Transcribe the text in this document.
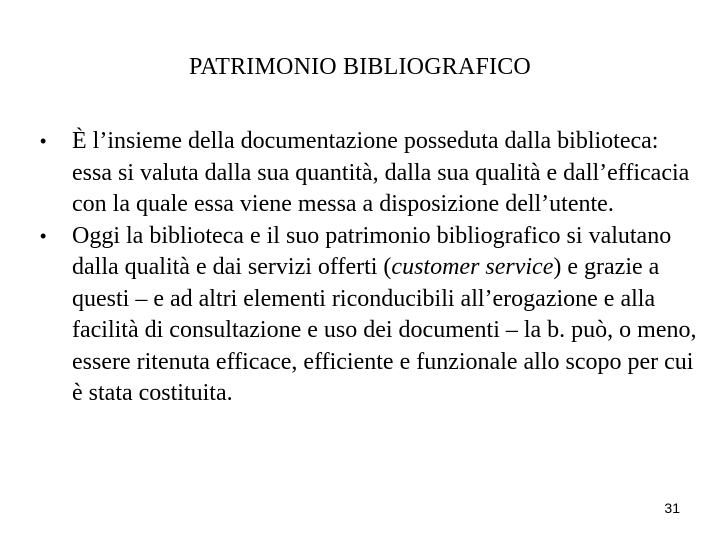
PATRIMONIO BIBLIOGRAFICO
•	È l’insieme della documentazione posseduta dalla biblioteca: essa si valuta dalla sua quantità, dalla sua qualità e dall’efficacia con la quale essa viene messa a disposizione dell’utente.
•	Oggi la biblioteca e il suo patrimonio bibliografico si valutano dalla qualità e dai servizi offerti (customer service) e grazie a questi – e ad altri elementi riconducibili all’erogazione e alla facilità di consultazione e uso dei documenti – la b. può, o meno, essere ritenuta efficace, efficiente e funzionale allo scopo per cui è stata costituita.
31
